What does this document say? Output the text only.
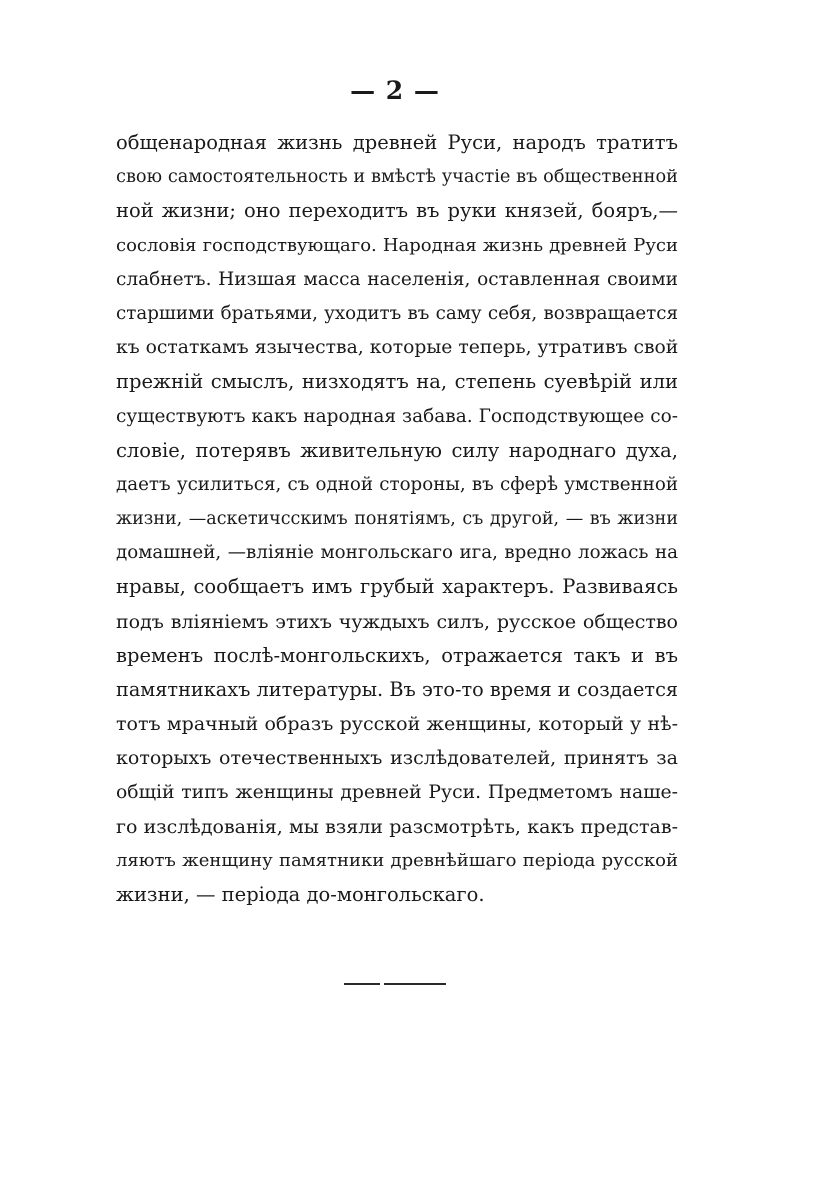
— 2 —
общенародная жизнь древней Руси, народъ тратитъ
свою самостоятельность и вмѣстѣ участiе въ общественной
ной жизни; оно переходитъ въ руки князей, бояръ,—
сословія господствующаго. Народная жизнь древней Руси
слабнетъ. Низшая масса населенія, оставленная своими
старшими братьями, уходитъ въ саму себя, возвращается
къ остаткамъ язычества, которые теперь, утративъ свой
прежній смыслъ, низходятъ на, степень суевѣрій или
существуютъ какъ народная забава. Господствующее со-
словіе, потерявъ живительную силу народнаго духа,
даетъ усилиться, съ одной стороны, въ сферѣ умственной
жизни, —аскетичсскимъ понятіямъ, съ другой, — въ жизни
домашней, —вліяніе монгольскаго ига, вредно ложась на
нравы, сообщаетъ имъ грубый характеръ. Развиваясь
подъ вліяніемъ этихъ чуждыхъ силъ, русское общество
временъ послѣ-монгольскихъ, отражается такъ и въ
памятникахъ литературы. Въ это-то время и создается
тотъ мрачный образъ русской женщины, который у нѣ-
которыхъ отечественныхъ изслѣдователей, принятъ за
общій типъ женщины древней Руси. Предметомъ наше-
го изслѣдованія, мы взяли разсмотрѣть, какъ представ-
ляютъ женщину памятники древнѣйшаго періода русской
жизни, — періода до-монгольскаго.
